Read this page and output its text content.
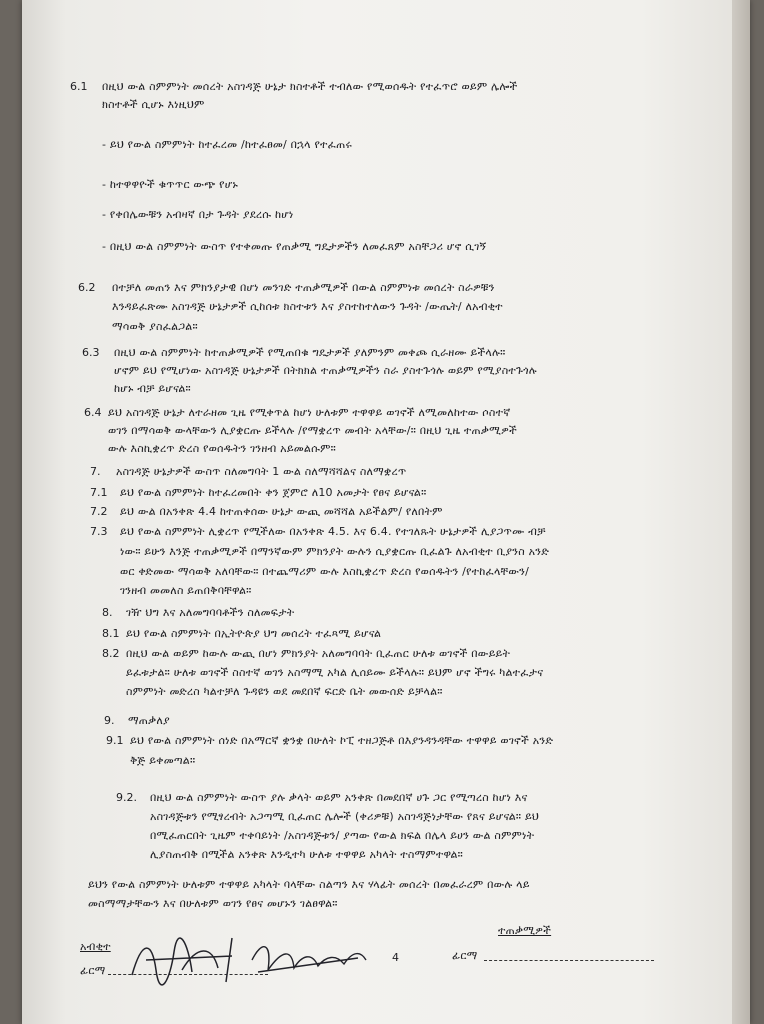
6.1 በዚህ ውል ስምምነት መሰረት አስገዳጅ ሁኔታ ክስተቶች ተብለው የሚወሰዱት የተፈጥሮ ወይም ሌሎች
ክስተቶች ሲሆኑ እነዚህም
- ይህ የውል ስምምነት ከተፈረመ /ከተፈፀመ/ በኋላ የተፈጠሩ
- ከተዋዋዮች ቁጥጥር ውጭ የሆኑ
- የቀበሌውቹን አብዛኛ በታ ጉዳት ያደረሱ ከሆነ
- በዚህ ውል ስምምነት ውስጥ የተቀመጡ የጠቃሚ ግዴታዎችን ለመፈጸም አስቸጋሪ ሆኖ ሲገኝ
6.2 በተቻለ መጠን እና ምክንያታዊ በሆነ መንገድ ተጠቃሚዎች በውል ስምምነቱ መሰረት ስራዎቹን
እንዳይፈጽሙ አስገዳጅ ሁኔታዎች ሲከሰቱ ክስተቱን እና ያስተከተለውን ጉዳት /ውጤት/ ለአብቂተ
ማሳወቅ ያስፈልጋል።
6.3 በዚህ ውል ስምምነት ከተጠቃሚዎች የሚጠበቁ ግዴታዎች ያለምንም መቀጮ ሲራዘሙ ይችላሉ።
ሆኖም ይህ የሚሆነው አስገዳጅ ሁኔታዎች በትክክል ተጠቃሚዎችን ስራ ያስተጉጎሉ ወይም የሚያስተጉጎሉ
ከሆኑ ብቻ ይሆናል።
6.4 ይህ አስገዳጅ ሁኔታ ለተራዘመ ጊዜ የሚቀጥል ከሆነ ሁለቱም ተዋዋይ ወገኖች ለሚመለከተው ሶስተኛ
ወገን በማሳወቅ ውላቸውን ሊያቋርጡ ይችላሉ /የማቋረጥ መብት አላቸው/። በዚህ ጊዜ ተጠቃሚዎች
ውሉ እስኪቋረጥ ድረስ የወሰዱትን ገንዘብ አይመልሱም።
7. አስገዳጅ ሁኔታዎች ውስጥ ስለመግባት 1 ውል ስለማሻሻልና ስለማቋረጥ
7.1 ይህ የውል ስምምነት ከተፈረመበት ቀን ጀምሮ ለ10 አመታት የፀና ይሆናል።
7.2 ይህ ውል በአንቀጽ 4.4 ከተጠቀሰው ሁኔታ ውጪ መሻሻል አይችልም/ የለበትም
7.3 ይህ የውል ስምምነት ሊቋረጥ የሚችለው በአንቀጽ 4.5. እና 6.4. የተገለጹት ሁኔታዎች ሊያጋጥሙ ብቻ
ነው። ይሁን እንጅ ተጠቃሚዎች በማንኛውም ምክንያት ውሉን ሲያቋርጡ ቢፈልጉ ለአብቂተ ቢያንስ አንድ
ወር ቀድመው ማሳወቅ አለባቸው። በተጨማሪም ውሉ እስኪቋረጥ ድረስ የወሰዱትን /የተከፈላቸውን/
ገንዘብ መመለስ ይጠበቅባቸዋል።
8. ገዥ ህግ እና አለመግባባቶችን ስለመፍታት
8.1 ይህ የውል ስምምነት በኢትዮጵያ ህግ መሰረት ተፈጻሚ ይሆናል
8.2 በዚህ ውል ወይም ከውሉ ውጪ በሆነ ምክንያት አለመግባባት ቢፈጠር ሁለቱ ወገኖች በውይይት
ይፈቱታል። ሁለቱ ወገኖች ስስተኛ ወገን አስማሚ አካል ሊሰይሙ ይችላሉ። ይህም ሆኖ ችግሩ ካልተፈታና
ስምምነት መድረስ ካልተቻለ ጉዳዩን ወደ መደበኛ ፍርድ ቤት መውሰድ ይቻላል።
9. ማጠቃለያ
9.1 ይህ የውል ስምምነት ሰነድ በአማርኛ ቋንቋ በሁለት ኮፒ ተዘጋጅቶ በእያንዳንዳቸው ተዋዋይ ወገኖች አንድ
ቅጅ ይቀመጣል።
9.2. በዚህ ውል ስምምነት ውስጥ ያሉ ቃላት ወይም አንቀጽ በመደበኛ ሀጉ ጋር የሚጣረስ ከሆነ እና
አስገዳጅቱን የሚፃረብት አጋጣሚ ቢፈጠር ሌሎች (ቀሪዎቹ) አስገዳጅነታቸው የጸና ይሆናል። ይህ
በሚፈጠርበት ጊዜም ተቀባይነት /አስገዳጅቱን/ ያጣው የውል ክፍል በሌላ ይሀን ውል ስምምነት
ሊያስጠብቅ በሚችል አንቀጽ እንዲተካ ሁለቱ ተዋዋይ አካላት ተስማምተዋል።
ይህን የውል ስምምነት ሁለቱም ተዋዋይ አካላት ባላቸው ስልጣን እና ሃላፊት መሰረት በመፈራረም በውሉ ላይ
መስማማታቸውን እና በሁለቱም ወገን የፀና መሆኑን ገልፀዋል።
ተጠቃሚዎች
ፊርማ
አብቂተ
ፊርማ
4
